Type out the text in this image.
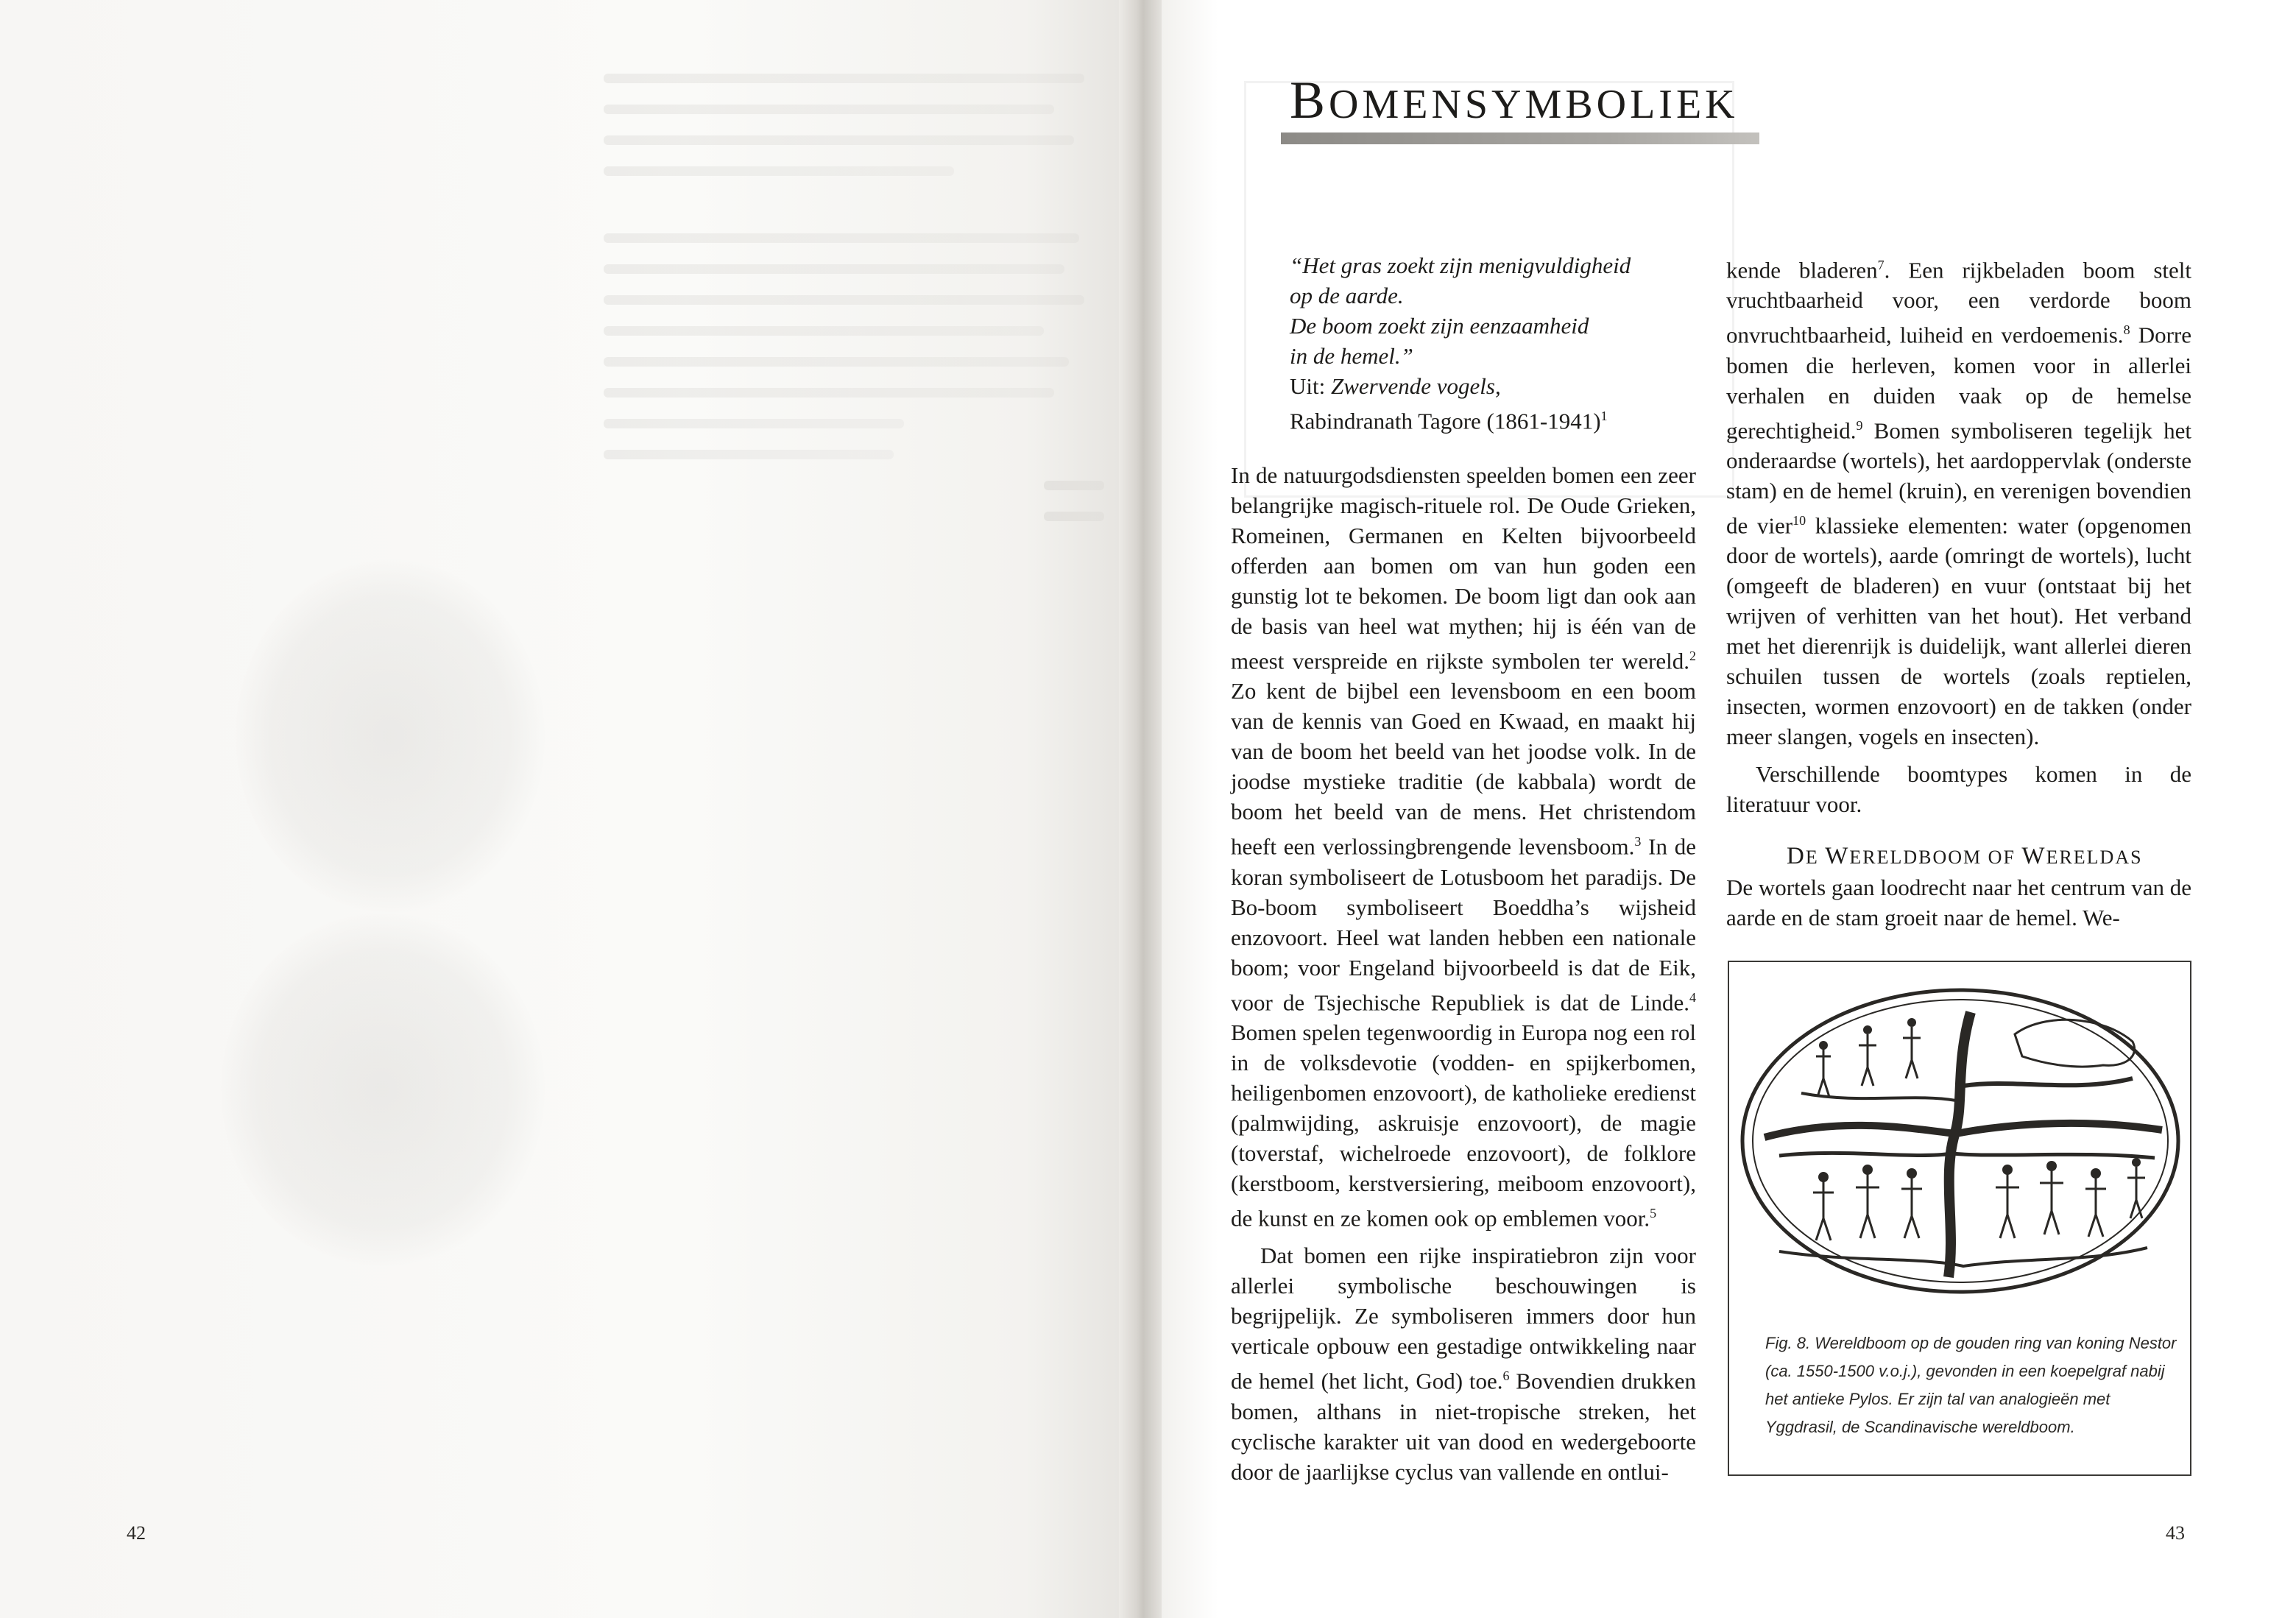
42
BOMENSYMBOLIEK

“Het gras zoekt zijn menigvuldigheid

op de aarde.

De boom zoekt zijn eenzaamheid

in de hemel.”

Uit: Zwervende vogels,

Rabindranath Tagore (1861-1941)$^1$

In de natuurgodsdiensten speelden bomen een zeer belangrijke magisch-rituele rol. De Oude Grieken, Romeinen, Germanen en Kelten bijvoorbeeld offerden aan bomen om van hun goden een gunstig lot te bekomen. De boom ligt dan ook aan de basis van heel wat mythen; hij is één van de meest verspreide en rijkste symbolen ter wereld.$^2$ Zo kent de bijbel een levensboom en een boom van de kennis van Goed en Kwaad, en maakt hij van de boom het beeld van het joodse volk. In de joodse mystieke traditie (de kabbala) wordt de boom het beeld van de mens. Het christendom heeft een verlossingbrengende levensboom.$^3$ In de koran symboliseert de Lotusboom het paradijs. De Bo-boom symboliseert Boeddha’s wijsheid enzovoort. Heel wat landen hebben een nationale boom; voor Engeland bijvoorbeeld is dat de Eik, voor de Tsjechische Republiek is dat de Linde.$^4$ Bomen spelen tegenwoordig in Europa nog een rol in de volksdevotie (vodden- en spijkerbomen, heiligenbomen enzovoort), de katholieke eredienst (palmwijding, askruisje enzovoort), de magie (toverstaf, wichelroede enzovoort), de folklore (kerstboom, kerstversiering, meiboom enzovoort), de kunst en ze komen ook op emblemen voor.$^5$

Dat bomen een rijke inspiratiebron zijn voor allerlei symbolische beschouwingen is begrijpelijk. Ze symboliseren immers door hun verticale opbouw een gestadige ontwikkeling naar de hemel (het licht, God) toe.$^6$ Bovendien drukken bomen, althans in niet-tropische streken, het cyclische karakter uit van dood en wedergeboorte door de jaarlijkse cyclus van vallende en ontlui-

kende bladeren$^7$. Een rijkbeladen boom stelt vruchtbaarheid voor, een verdorde boom onvruchtbaarheid, luiheid en verdoemenis.$^8$ Dorre bomen die herleven, komen voor in allerlei verhalen en duiden vaak op de hemelse gerechtigheid.$^9$ Bomen symboliseren tegelijk het onderaardse (wortels), het aardoppervlak (onderste stam) en de hemel (kruin), en verenigen bovendien de vier$^{10}$ klassieke elementen: water (opgenomen door de wortels), aarde (omringt de wortels), lucht (omgeeft de bladeren) en vuur (ontstaat bij het wrijven of verhitten van het hout). Het verband met het dierenrijk is duidelijk, want allerlei dieren schuilen tussen de wortels (zoals reptielen, insecten, wormen enzovoort) en de takken (onder meer slangen, vogels en insecten).

Verschillende boomtypes komen in de literatuur voor.

DE WERELDBOOM OF WERELDAS

De wortels gaan loodrecht naar het centrum van de aarde en de stam groeit naar de hemel. We-

Fig. 8. Wereldboom op de gouden ring van koning Nestor (ca. 1550-1500 v.o.j.), gevonden in een koepelgraf nabij het antieke Pylos. Er zijn tal van analogieën met Yggdrasil, de Scandinavische wereldboom.
43
